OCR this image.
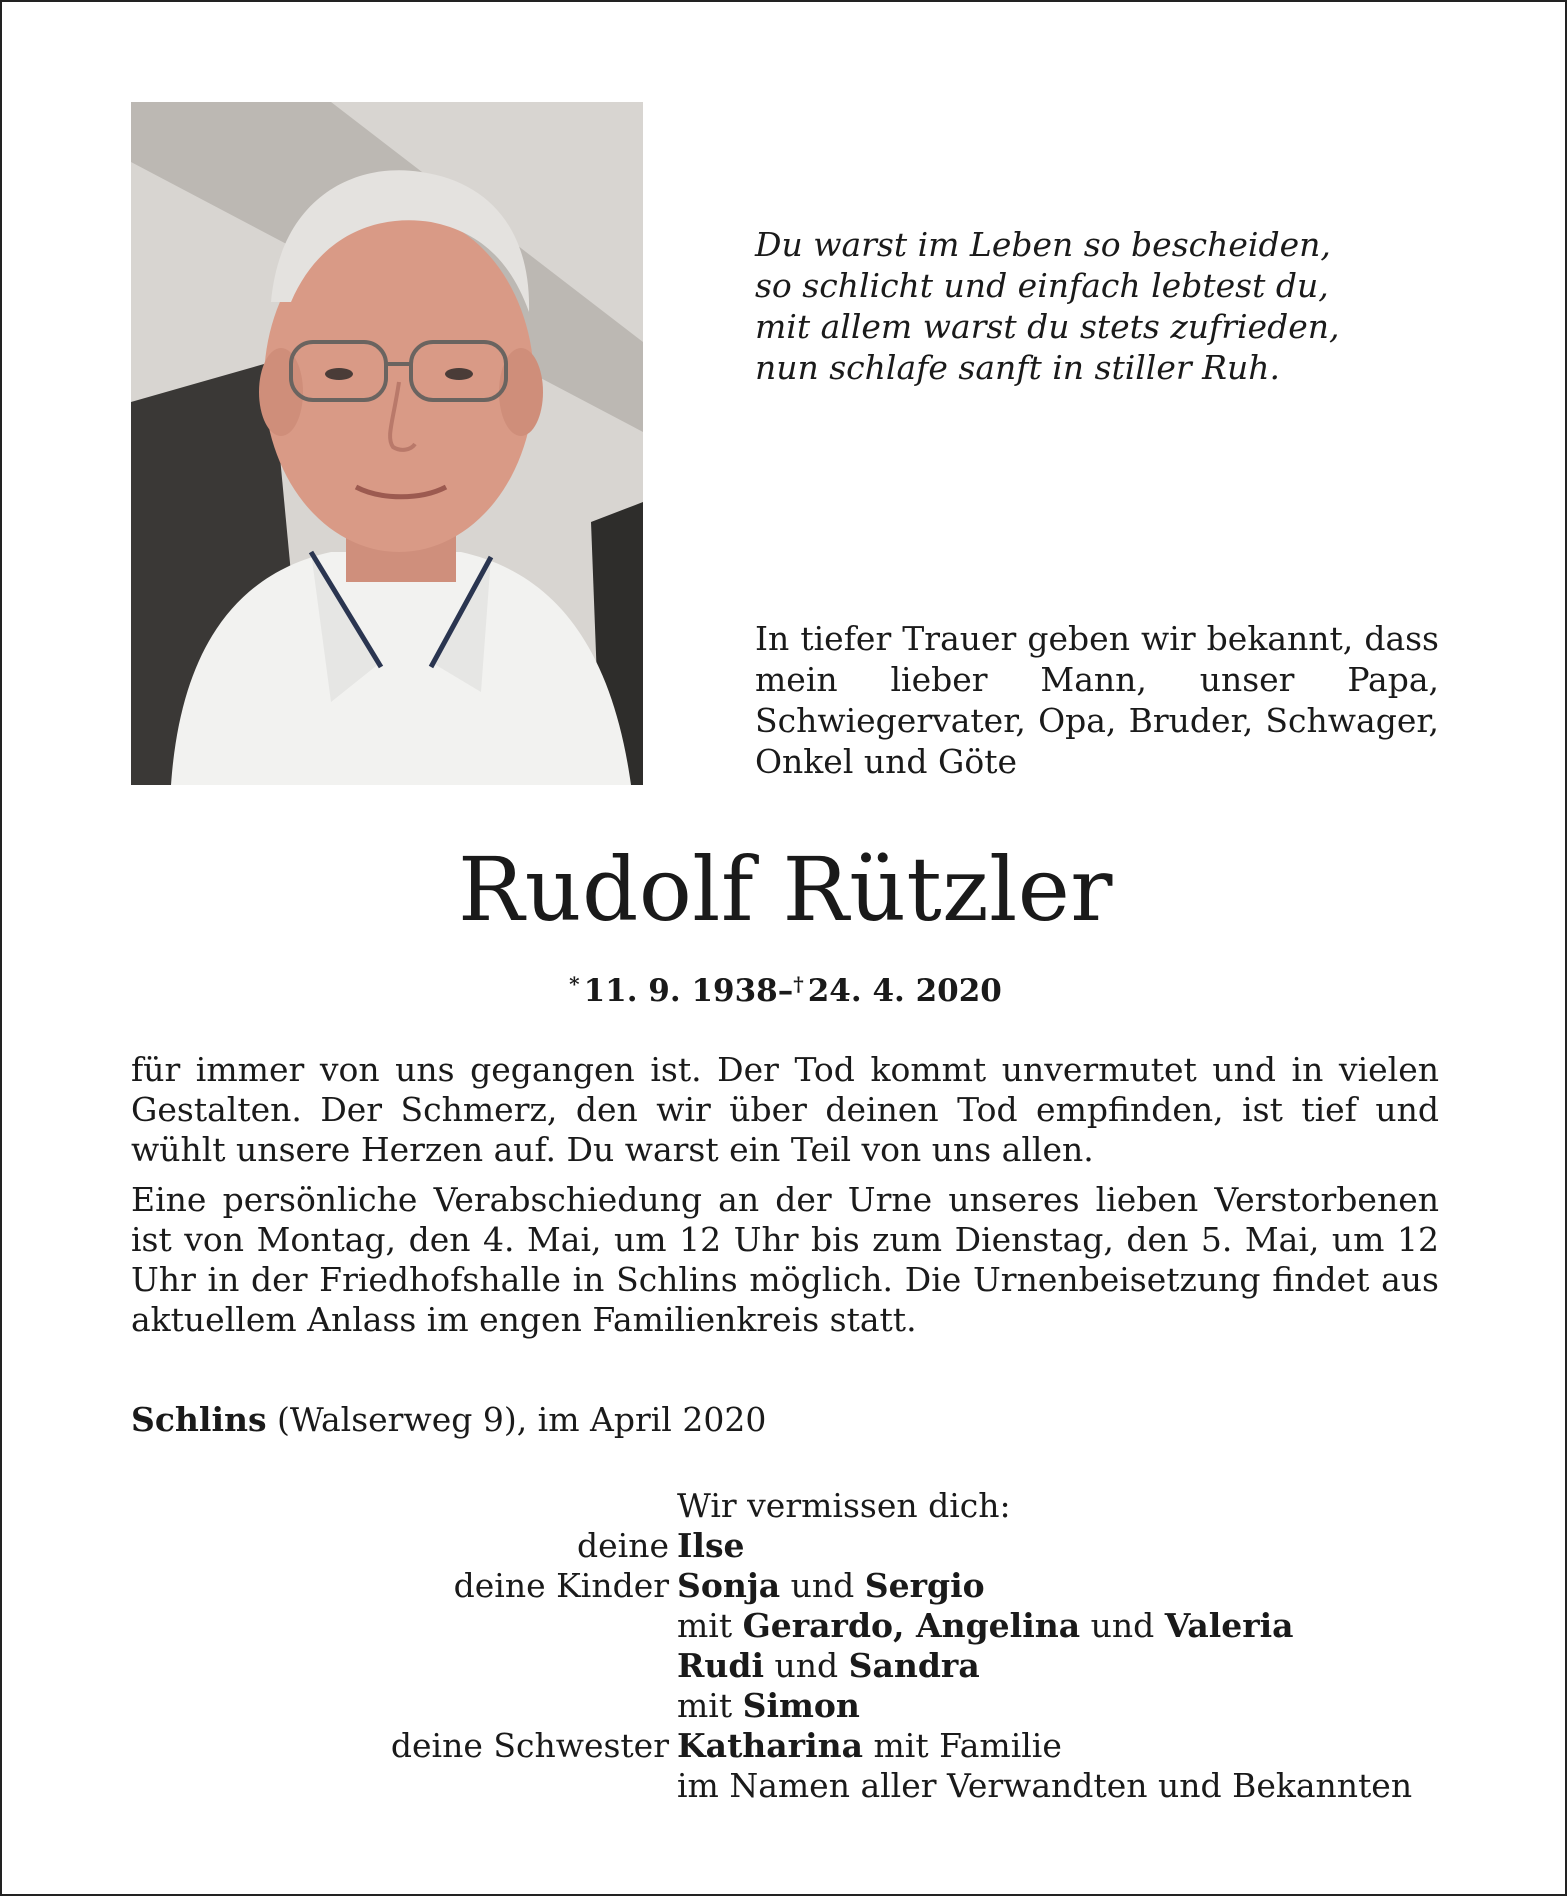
Du warst im Leben so bescheiden,
so schlicht und einfach lebtest du,
mit allem warst du stets zufrieden,
nun schlafe sanft in stiller Ruh.
In tiefer Trauer geben wir bekannt, dass mein lieber Mann, unser Papa, Schwiegervater, Opa, Bruder, Schwager, Onkel und Göte
Rudolf Rützler
* 11. 9. 1938–† 24. 4. 2020

für immer von uns gegangen ist. Der Tod kommt unvermutet und in vielen Gestalten. Der Schmerz, den wir über deinen Tod empfinden, ist tief und wühlt unsere Herzen auf. Du warst ein Teil von uns allen.

Eine persönliche Verabschiedung an der Urne unseres lieben Verstorbenen ist von Montag, den 4. Mai, um 12 Uhr bis zum Dienstag, den 5. Mai, um 12 Uhr in der Friedhofshalle in Schlins möglich. Die Urnenbeisetzung findet aus aktuellem Anlass im engen Familienkreis statt.

Schlins (Walserweg 9), im April 2020
Wir vermissen dich:
deine Ilse
deine Kinder Sonja und Sergio
mit Gerardo, Angelina und Valeria
Rudi und Sandra
mit Simon
deine Schwester Katharina mit Familie
im Namen aller Verwandten und Bekannten
